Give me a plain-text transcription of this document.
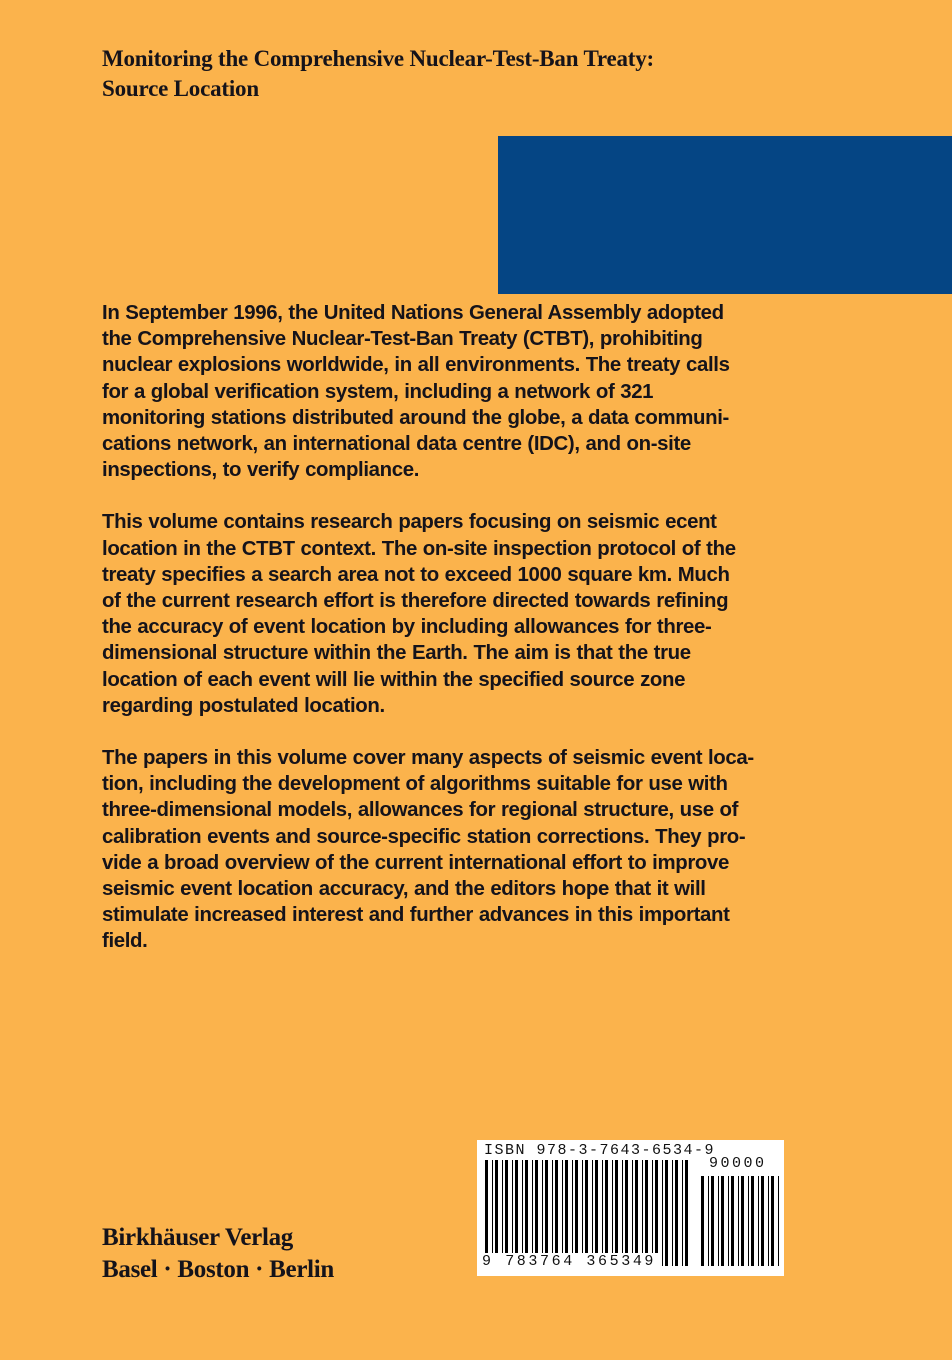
Monitoring the Comprehensive Nuclear-Test-Ban Treaty:
Source Location

In September 1996, the United Nations General Assembly adopted
the Comprehensive Nuclear-Test-Ban Treaty (CTBT), prohibiting
nuclear explosions worldwide, in all environments. The treaty calls
for a global verification system, including a network of 321
monitoring stations distributed around the globe, a data communi-
cations network, an international data centre (IDC), and on-site
inspections, to verify compliance.

This volume contains research papers focusing on seismic ecent
location in the CTBT context. The on-site inspection protocol of the
treaty specifies a search area not to exceed 1000 square km. Much
of the current research effort is therefore directed towards refining
the accuracy of event location by including allowances for three-
dimensional structure within the Earth. The aim is that the true
location of each event will lie within the specified source zone
regarding postulated location.

The papers in this volume cover many aspects of seismic event loca-
tion, including the development of algorithms suitable for use with
three-dimensional models, allowances for regional structure, use of
calibration events and source-specific station corrections. They pro-
vide a broad overview of the current international effort to improve
seismic event location accuracy, and the editors hope that it will
stimulate increased interest and further advances in this important
field.

ISBN 978-3-7643-6534-9
90000
9 783764 365349
Birkhäuser Verlag
Basel · Boston · Berlin
